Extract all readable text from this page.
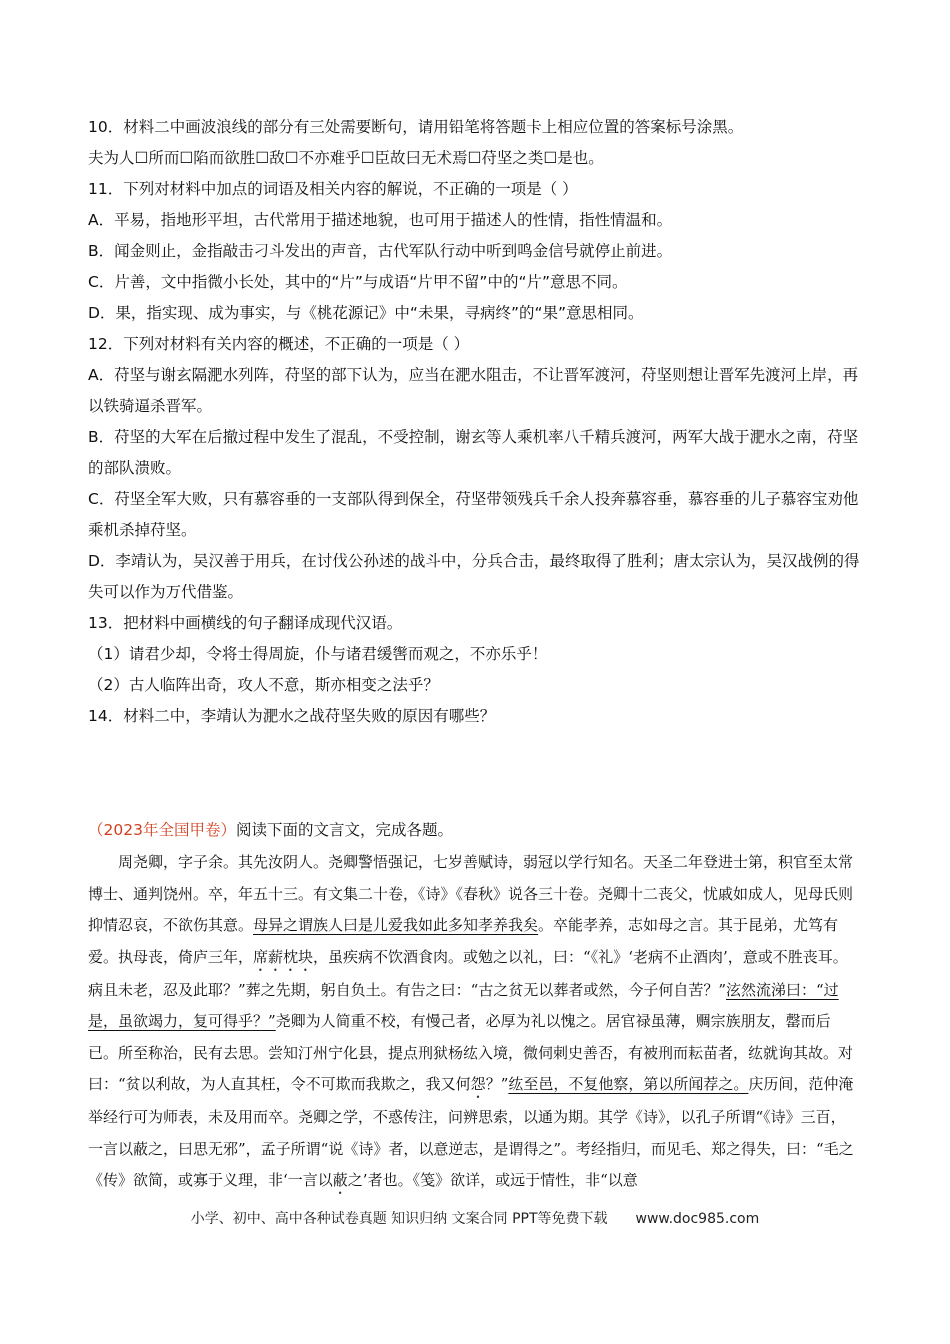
10．材料二中画波浪线的部分有三处需要断句，请用铅笔将答题卡上相应位置的答案标号涂黑。

夫为人☐所而☐陷而欲胜☐敌☐不亦难乎☐臣故曰无术焉☐苻坚之类☐是也。

11．下列对材料中加点的词语及相关内容的解说，不正确的一项是（ ）

A．平易，指地形平坦，古代常用于描述地貌，也可用于描述人的性情，指性情温和。

B．闻金则止，金指敲击刁斗发出的声音，古代军队行动中听到鸣金信号就停止前进。

C．片善，文中指微小长处，其中的“片”与成语“片甲不留”中的“片”意思不同。

D．果，指实现、成为事实，与《桃花源记》中“未果，寻病终”的“果”意思相同。

12．下列对材料有关内容的概述，不正确的一项是（ ）

A．苻坚与谢玄隔淝水列阵，苻坚的部下认为，应当在淝水阻击，不让晋军渡河，苻坚则想让晋军先渡河上岸，再以铁骑逼杀晋军。

B．苻坚的大军在后撤过程中发生了混乱，不受控制，谢玄等人乘机率八千精兵渡河，两军大战于淝水之南，苻坚的部队溃败。

C．苻坚全军大败，只有慕容垂的一支部队得到保全，苻坚带领残兵千余人投奔慕容垂，慕容垂的儿子慕容宝劝他乘机杀掉苻坚。

D．李靖认为，吴汉善于用兵，在讨伐公孙述的战斗中，分兵合击，最终取得了胜利；唐太宗认为，吴汉战例的得失可以作为万代借鉴。

13．把材料中画横线的句子翻译成现代汉语。

（1）请君少却，令将士得周旋，仆与诸君缓辔而观之，不亦乐乎！

（2）古人临阵出奇，攻人不意，斯亦相变之法乎？

14．材料二中，李靖认为淝水之战苻坚失败的原因有哪些？

（2023年全国甲卷）阅读下面的文言文，完成各题。

周尧卿，字子余。其先汝阴人。尧卿警悟强记，七岁善赋诗，弱冠以学行知名。天圣二年登进士第，积官至太常博士、通判饶州。卒，年五十三。有文集二十卷，《诗》《春秋》说各三十卷。尧卿十二丧父，忧戚如成人，见母氏则抑情忍哀，不欲伤其意。母异之谓族人曰是儿爱我如此多知孝养我矣。卒能孝养，志如母之言。其于昆弟，尤笃有爱。执母丧，倚庐三年，席薪枕块，虽疾病不饮酒食肉。或勉之以礼，曰：“《礼》‘老病不止酒肉’，意或不胜丧耳。病且未老，忍及此耶？”葬之先期，躬自负土。有告之曰：“古之贫无以葬者或然，今子何自苦？”泫然流涕曰：“过是，虽欲竭力，复可得乎？”尧卿为人简重不校，有慢己者，必厚为礼以愧之。居官禄虽薄，赒宗族朋友，罄而后已。所至称治，民有去思。尝知汀州宁化县，提点刑狱杨纮入境，微伺刺史善否，有被刑而耘苗者，纮就询其故。对曰：“贫以利故，为人直其枉，令不可欺而我欺之，我又何怨？”纮至邑，不复他察，第以所闻荐之。庆历间，范仲淹举经行可为师表，未及用而卒。尧卿之学，不惑传注，问辨思索，以通为期。其学《诗》，以孔子所谓“《诗》三百，一言以蔽之，曰思无邪”，孟子所谓“说《诗》者，以意逆志，是谓得之”。考经指归，而见毛、郑之得失，曰：“毛之《传》欲简，或寡于义理，非‘一言以蔽之’者也。《笺》欲详，或远于情性，非“以意

小学、初中、高中各种试卷真题 知识归纳 文案合同 PPT等免费下载 www.doc985.com
